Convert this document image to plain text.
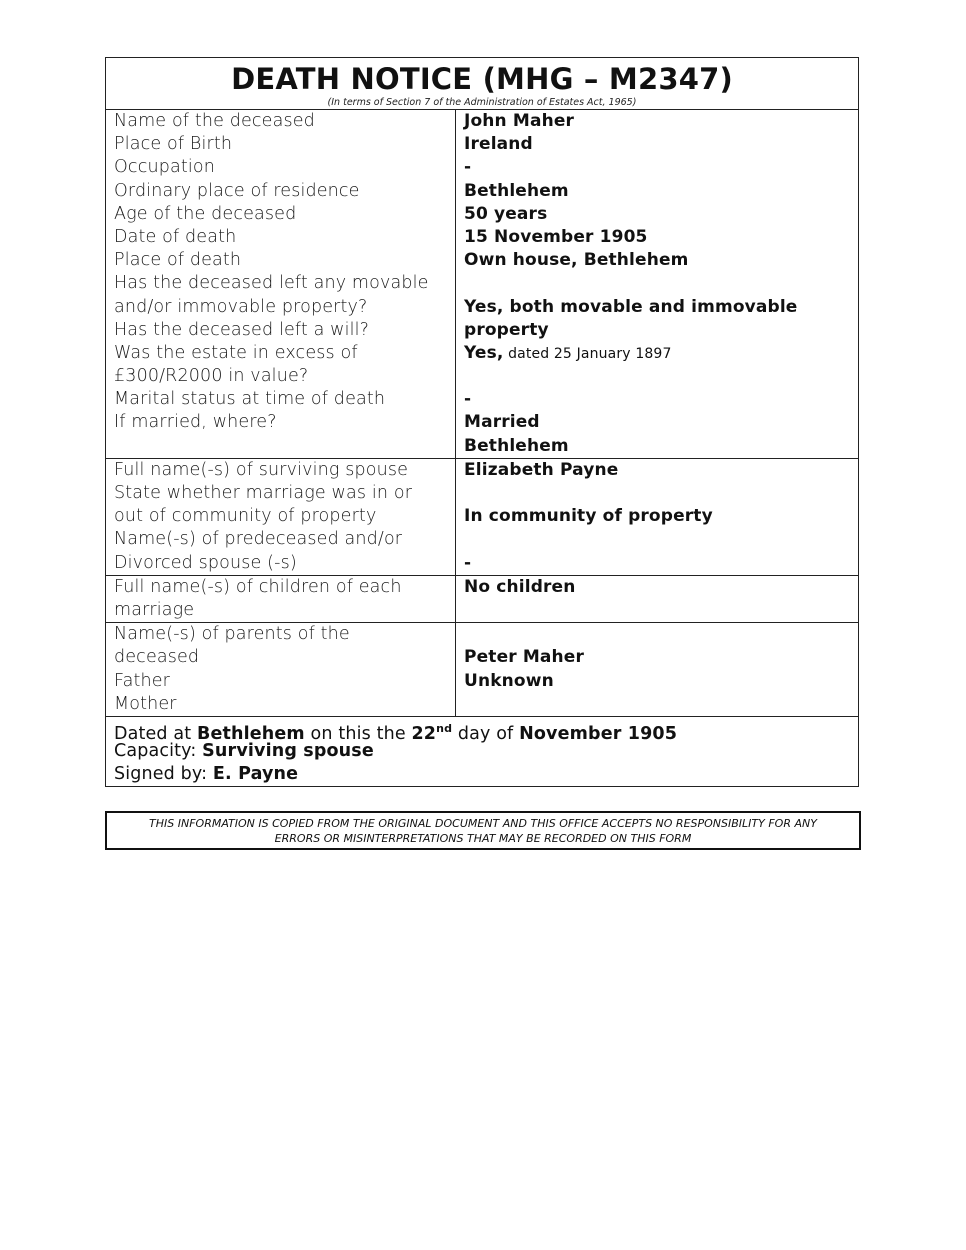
DEATH NOTICE (MHG – M2347)
(In terms of Section 7 of the Administration of Estates Act, 1965)
Name of the deceased
Place of Birth
Occupation
Ordinary place of residence
Age of the deceased
Date of death
Place of death
Has the deceased left any movable
and/or immovable property?
Has the deceased left a will?
Was the estate in excess of
£300/R2000 in value?
Marital status at time of death
If married, where?
John Maher
Ireland
-
Bethlehem
50 years
15 November 1905
Own house, Bethlehem
Yes, both movable and immovable
property
Yes, dated 25 January 1897
-
Married
Bethlehem
Full name(-s) of surviving spouse
State whether marriage was in or
out of community of property
Name(-s) of predeceased and/or
Divorced spouse (-s)
Elizabeth Payne
In community of property
-
Full name(-s) of children of each
marriage
No children
Name(-s) of parents of the
deceased
Father
Mother
Peter Maher
Unknown
Dated at Bethlehem on this the 22nd day of November 1905
Capacity: Surviving spouse
Signed by: E. Payne
THIS INFORMATION IS COPIED FROM THE ORIGINAL DOCUMENT AND THIS OFFICE ACCEPTS NO RESPONSIBILITY FOR ANY
ERRORS OR MISINTERPRETATIONS THAT MAY BE RECORDED ON THIS FORM
